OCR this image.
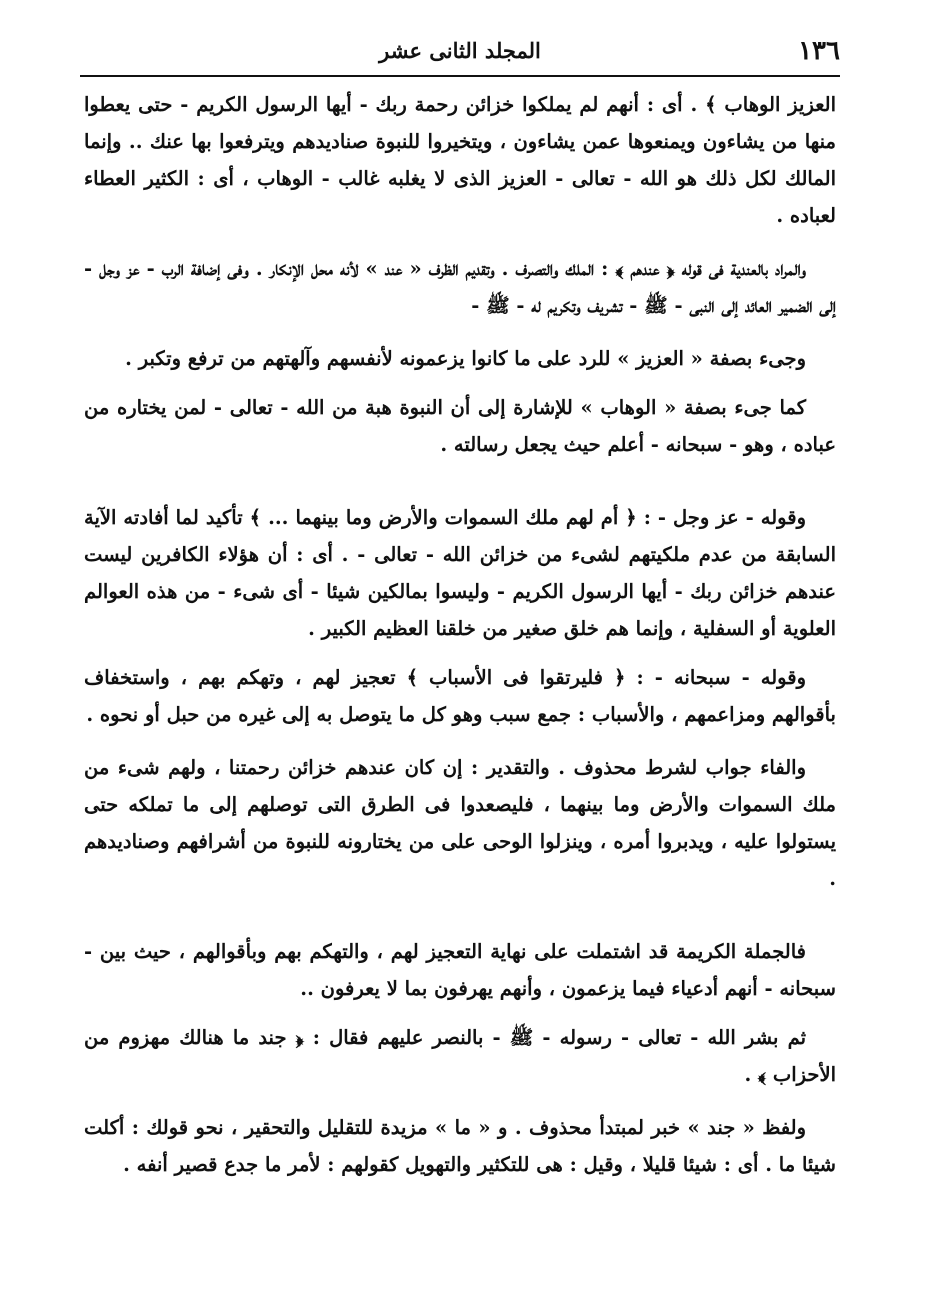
١٣٦
المجلد الثانى عشر

العزيز الوهاب ﴾ . أى : أنهم لم يملكوا خزائن رحمة ربك - أيها الرسول الكريم - حتى يعطوا منها من يشاءون ويمنعوها عمن يشاءون ، ويتخيروا للنبوة صناديدهم ويترفعوا بها عنك .. وإنما المالك لكل ذلك هو الله - تعالى - العزيز الذى لا يغلبه غالب - الوهاب ، أى : الكثير العطاء لعباده .

والمراد بالعندية فى قوله ﴿ عندهم ﴾ : الملك والتصرف . وتقديم الظرف « عند » لأنه محل الإنكار . وفى إضافة الرب - عز وجل - إلى الضمير العائد إلى النبى - ﷺ - تشريف وتكريم له - ﷺ -

وجىء بصفة « العزيز » للرد على ما كانوا يزعمونه لأنفسهم وآلهتهم من ترفع وتكبر .

كما جىء بصفة « الوهاب » للإشارة إلى أن النبوة هبة من الله - تعالى - لمن يختاره من عباده ، وهو - سبحانه - أعلم حيث يجعل رسالته .

وقوله - عز وجل - : ﴿ أم لهم ملك السموات والأرض وما بينهما ... ﴾ تأكيد لما أفادته الآية السابقة من عدم ملكيتهم لشىء من خزائن الله - تعالى - . أى : أن هؤلاء الكافرين ليست عندهم خزائن ربك - أيها الرسول الكريم - وليسوا بمالكين شيئا - أى شىء - من هذه العوالم العلوية أو السفلية ، وإنما هم خلق صغير من خلقنا العظيم الكبير .

وقوله - سبحانه - : ﴿ فليرتقوا فى الأسباب ﴾ تعجيز لهم ، وتهكم بهم ، واستخفاف بأقوالهم ومزاعمهم ، والأسباب : جمع سبب وهو كل ما يتوصل به إلى غيره من حبل أو نحوه .

والفاء جواب لشرط محذوف . والتقدير : إن كان عندهم خزائن رحمتنا ، ولهم شىء من ملك السموات والأرض وما بينهما ، فليصعدوا فى الطرق التى توصلهم إلى ما تملكه حتى يستولوا عليه ، ويدبروا أمره ، وينزلوا الوحى على من يختارونه للنبوة من أشرافهم وصناديدهم .

فالجملة الكريمة قد اشتملت على نهاية التعجيز لهم ، والتهكم بهم وبأقوالهم ، حيث بين - سبحانه - أنهم أدعياء فيما يزعمون ، وأنهم يهرفون بما لا يعرفون ..

ثم بشر الله - تعالى - رسوله - ﷺ - بالنصر عليهم فقال : ﴿ جند ما هنالك مهزوم من الأحزاب ﴾ .

ولفظ « جند » خبر لمبتدأ محذوف . و « ما » مزيدة للتقليل والتحقير ، نحو قولك : أكلت شيئا ما . أى : شيئا قليلا ، وقيل : هى للتكثير والتهويل كقولهم : لأمر ما جدع قصير أنفه .
